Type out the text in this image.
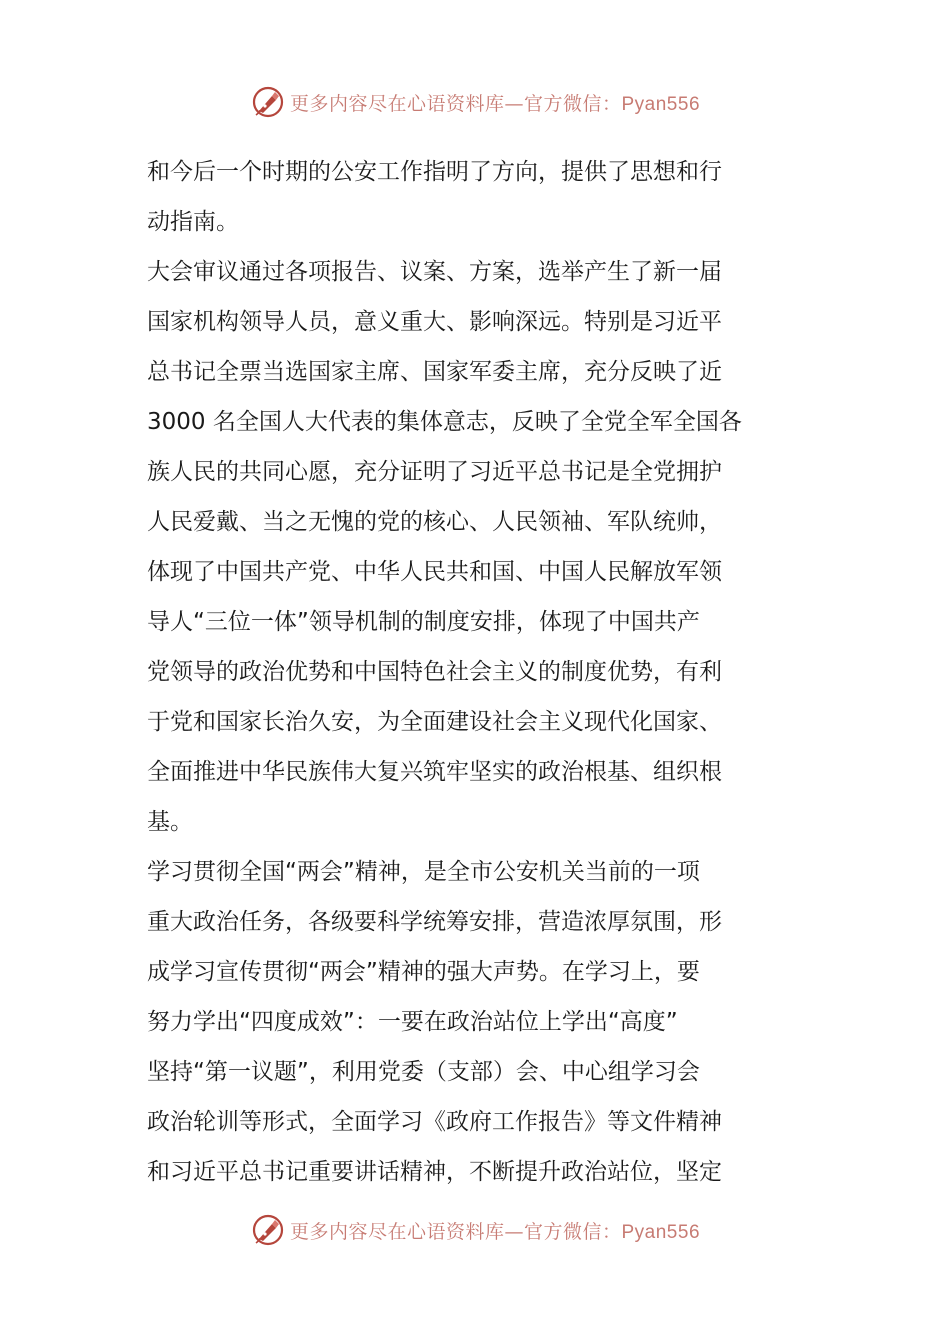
更多内容尽在心语资料库—官方微信：Pyan556
和今后一个时期的公安工作指明了方向，提供了思想和行
动指南。
大会审议通过各项报告、议案、方案，选举产生了新一届
国家机构领导人员，意义重大、影响深远。特别是习近平
总书记全票当选国家主席、国家军委主席，充分反映了近
3000 名全国人大代表的集体意志，反映了全党全军全国各
族人民的共同心愿，充分证明了习近平总书记是全党拥护
人民爱戴、当之无愧的党的核心、人民领袖、军队统帅，
体现了中国共产党、中华人民共和国、中国人民解放军领
导人“三位一体”领导机制的制度安排，体现了中国共产
党领导的政治优势和中国特色社会主义的制度优势，有利
于党和国家长治久安，为全面建设社会主义现代化国家、
全面推进中华民族伟大复兴筑牢坚实的政治根基、组织根
基。
学习贯彻全国“两会”精神，是全市公安机关当前的一项
重大政治任务，各级要科学统筹安排，营造浓厚氛围，形
成学习宣传贯彻“两会”精神的强大声势。在学习上，要
努力学出“四度成效”：一要在政治站位上学出“高度”
坚持“第一议题”，利用党委（支部）会、中心组学习会
政治轮训等形式，全面学习《政府工作报告》等文件精神
和习近平总书记重要讲话精神，不断提升政治站位，坚定
更多内容尽在心语资料库—官方微信：Pyan556
